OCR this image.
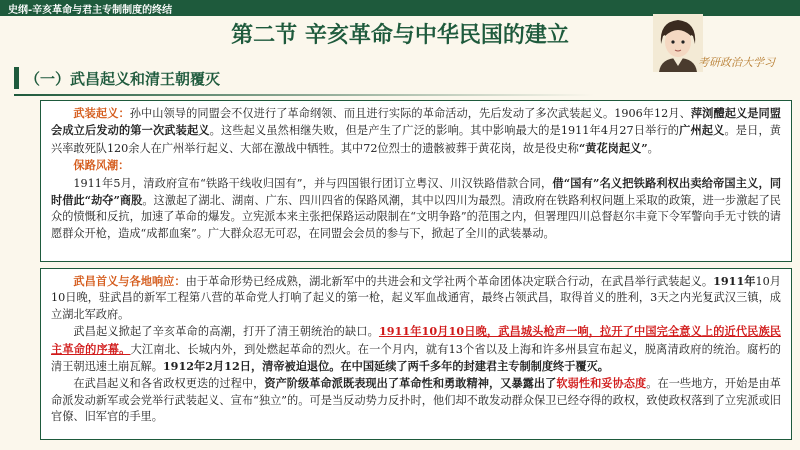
史纲-辛亥革命与君主专制制度的终结
第二节 辛亥革命与中华民国的建立
考研政治大学习
（一）武昌起义和清王朝覆灭

武装起义：孙中山领导的同盟会不仅进行了革命纲领、而且进行实际的革命活动，先后发动了多次武装起义。1906年12月、萍浏醴起义是同盟会成立后发动的第一次武装起义。这些起义虽然相继失败，但是产生了广泛的影响。其中影响最大的是1911年4月27日举行的广州起义。是日，黄兴率敢死队120余人在广州举行起义、大部在激战中牺牲。其中72位烈士的遗骸被葬于黄花岗，故是役史称“黄花岗起义”。

保路风潮：

1911年5月，清政府宣布“铁路干线收归国有”，并与四国银行团订立粤汉、川汉铁路借款合同，借“国有”名义把铁路利权出卖给帝国主义，同时借此“劫夺”商股。这激起了湖北、湖南、广东、四川四省的保路风潮，其中以四川为最烈。清政府在铁路利权问题上采取的政策，进一步激起了民众的愤慨和反抗，加速了革命的爆发。立宪派本来主张把保路运动限制在“文明争路”的范围之内，但署理四川总督赵尔丰竟下令军警向手无寸铁的请愿群众开枪，造成“成都血案”。广大群众忍无可忍，在同盟会会员的参与下，掀起了全川的武装暴动。

武昌首义与各地响应：由于革命形势已经成熟，湖北新军中的共进会和文学社两个革命团体决定联合行动，在武昌举行武装起义。1911年10月10日晚，驻武昌的新军工程第八营的革命党人打响了起义的第一枪，起义军血战通宵，最终占领武昌，取得首义的胜利，3天之内光复武汉三镇，成立湖北军政府。

武昌起义掀起了辛亥革命的高潮，打开了清王朝统治的缺口。1911年10月10日晚，武昌城头枪声一响，拉开了中国完全意义上的近代民族民主革命的序幕。大江南北、长城内外，到处燃起革命的烈火。在一个月内，就有13个省以及上海和许多州县宣布起义，脱离清政府的统治。腐朽的清王朝迅速土崩瓦解。1912年2月12日，清帝被迫退位。在中国延续了两千多年的封建君主专制制度终于覆灭。

在武昌起义和各省政权更迭的过程中，资产阶级革命派既表现出了革命性和勇敢精神，又暴露出了软弱性和妥协态度。在一些地方，开始是由革命派发动新军或会党举行武装起义、宣布“独立”的。可是当反动势力反扑时，他们却不敢发动群众保卫已经夺得的政权，致使政权落到了立宪派或旧官僚、旧军官的手里。
